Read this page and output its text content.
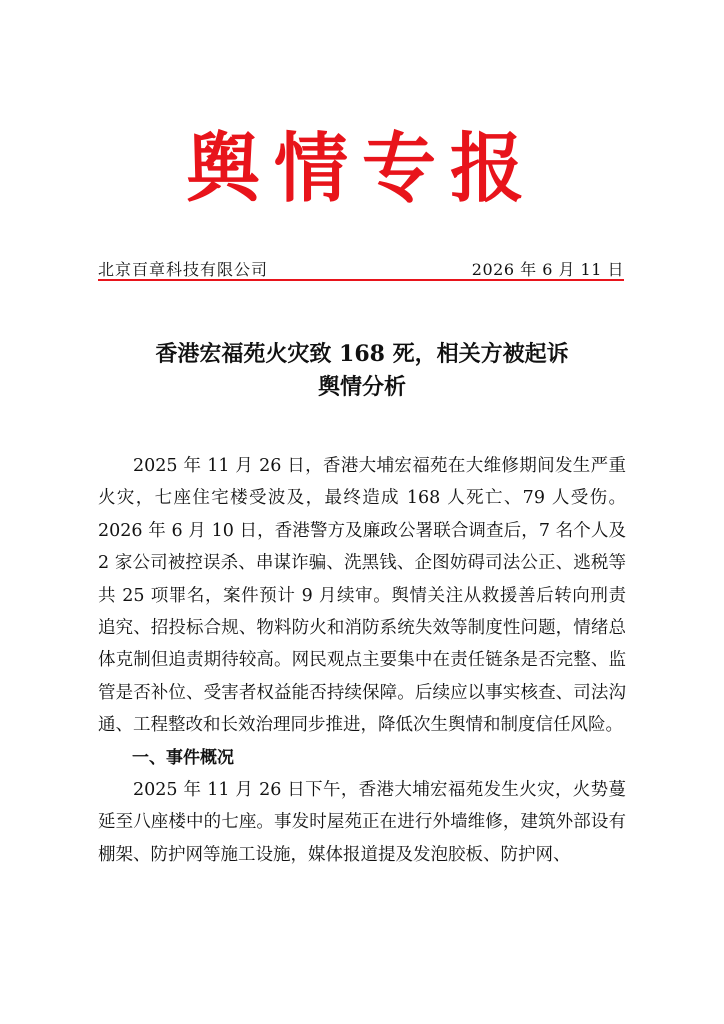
舆情专报
北京百章科技有限公司	2026 年 6 月 11 日
香港宏福苑火灾致 168 死，相关方被起诉
舆情分析

2025 年 11 月 26 日，香港大埔宏福苑在大维修期间发生严重火灾，七座住宅楼受波及，最终造成 168 人死亡、79 人受伤。2026 年 6 月 10 日，香港警方及廉政公署联合调查后，7 名个人及 2 家公司被控误杀、串谋诈骗、洗黑钱、企图妨碍司法公正、逃税等共 25 项罪名，案件预计 9 月续审。舆情关注从救援善后转向刑责追究、招投标合规、物料防火和消防系统失效等制度性问题，情绪总体克制但追责期待较高。网民观点主要集中在责任链条是否完整、监管是否补位、受害者权益能否持续保障。后续应以事实核查、司法沟通、工程整改和长效治理同步推进，降低次生舆情和制度信任风险。

一、事件概况

2025 年 11 月 26 日下午，香港大埔宏福苑发生火灾，火势蔓延至八座楼中的七座。事发时屋苑正在进行外墙维修，建筑外部设有棚架、防护网等施工设施，媒体报道提及发泡胶板、防护网、
